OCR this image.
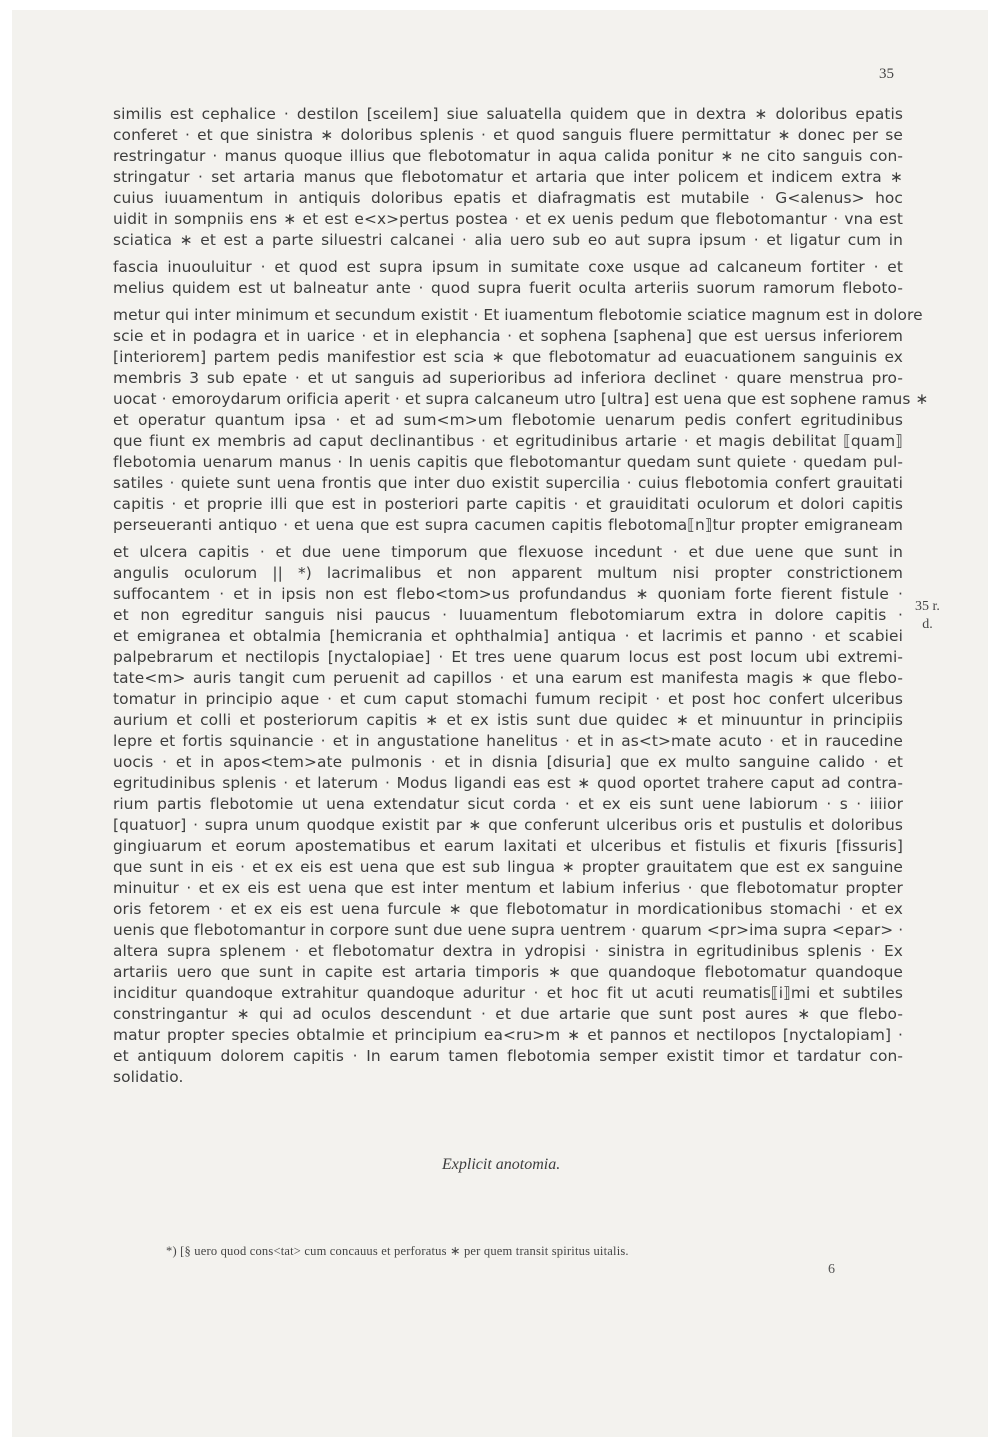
35
similis est cephalice · destilon [sceilem] siue saluatella quidem que in dextra ∗ doloribus epatis
conferet · et que sinistra ∗ doloribus splenis · et quod sanguis fluere permittatur ∗ donec per se
restringatur · manus quoque illius que flebotomatur in aqua calida ponitur ∗ ne cito sanguis con-
stringatur · set artaria manus que flebotomatur et artaria que inter policem et indicem extra ∗
cuius iuuamentum in antiquis doloribus epatis et diafragmatis est mutabile · G<alenus> hoc
uidit in sompniis ens ∗ et est e<x>pertus postea · et ex uenis pedum que flebotomantur · vna est
sciatica ∗ et est a parte siluestri calcanei · alia uero sub eo aut supra ipsum · et ligatur cum in
fascia inuouluitur · et quod est supra ipsum in sumitate coxe usque ad calcaneum fortiter · et
melius quidem est ut balneatur ante · quod supra fuerit oculta arteriis suorum ramorum fleboto-
metur qui inter minimum et secundum existit · Et iuamentum flebotomie sciatice magnum est in dolore
scie et in podagra et in uarice · et in elephancia · et sophena [saphena] que est uersus inferiorem
[interiorem] partem pedis manifestior est scia ∗ que flebotomatur ad euacuationem sanguinis ex
membris 3 sub epate · et ut sanguis ad superioribus ad inferiora declinet · quare menstrua pro-
uocat · emoroydarum orificia aperit · et supra calcaneum utro [ultra] est uena que est sophene ramus ∗
et operatur quantum ipsa · et ad sum<m>um flebotomie uenarum pedis confert egritudinibus
que fiunt ex membris ad caput declinantibus · et egritudinibus artarie · et magis debilitat ⟦quam⟧
flebotomia uenarum manus · In uenis capitis que flebotomantur quedam sunt quiete · quedam pul-
satiles · quiete sunt uena frontis que inter duo existit supercilia · cuius flebotomia confert grauitati
capitis · et proprie illi que est in posteriori parte capitis · et grauiditati oculorum et dolori capitis
perseueranti antiquo · et uena que est supra cacumen capitis flebotoma⟦n⟧tur propter emigraneam
et ulcera capitis · et due uene timporum que flexuose incedunt · et due uene que sunt in
angulis oculorum || *) lacrimalibus et non apparent multum nisi propter constrictionem
suffocantem · et in ipsis non est flebo<tom>us profundandus ∗ quoniam forte fierent fistule ·
et non egreditur sanguis nisi paucus · Iuuamentum flebotomiarum extra in dolore capitis ·
et emigranea et obtalmia [hemicrania et ophthalmia] antiqua · et lacrimis et panno · et scabiei
palpebrarum et nectilopis [nyctalopiae] · Et tres uene quarum locus est post locum ubi extremi-
tate<m> auris tangit cum peruenit ad capillos · et una earum est manifesta magis ∗ que flebo-
tomatur in principio aque · et cum caput stomachi fumum recipit · et post hoc confert ulceribus
aurium et colli et posteriorum capitis ∗ et ex istis sunt due quidec ∗ et minuuntur in principiis
lepre et fortis squinancie · et in angustatione hanelitus · et in as<t>mate acuto · et in raucedine
uocis · et in apos<tem>ate pulmonis · et in disnia [disuria] que ex multo sanguine calido · et
egritudinibus splenis · et laterum · Modus ligandi eas est ∗ quod oportet trahere caput ad contra-
rium partis flebotomie ut uena extendatur sicut corda · et ex eis sunt uene labiorum · s · iiiior
[quatuor] · supra unum quodque existit par ∗ que conferunt ulceribus oris et pustulis et doloribus
gingiuarum et eorum apostematibus et earum laxitati et ulceribus et fistulis et fixuris [fissuris]
que sunt in eis · et ex eis est uena que est sub lingua ∗ propter grauitatem que est ex sanguine
minuitur · et ex eis est uena que est inter mentum et labium inferius · que flebotomatur propter
oris fetorem · et ex eis est uena furcule ∗ que flebotomatur in mordicationibus stomachi · et ex
uenis que flebotomantur in corpore sunt due uene supra uentrem · quarum <pr>ima supra <epar> ·
altera supra splenem · et flebotomatur dextra in ydropisi · sinistra in egritudinibus splenis · Ex
artariis uero que sunt in capite est artaria timporis ∗ que quandoque flebotomatur quandoque
inciditur quandoque extrahitur quandoque aduritur · et hoc fit ut acuti reumatis⟦i⟧mi et subtiles
constringantur ∗ qui ad oculos descendunt · et due artarie que sunt post aures ∗ que flebo-
matur propter species obtalmie et principium ea<ru>m ∗ et pannos et nectilopos [nyctalopiam] ·
et antiquum dolorem capitis · In earum tamen flebotomia semper existit timor et tardatur con-
solidatio.
35 r.
d.
Explicit anotomia.
*) [§ uero quod cons<tat> cum concauus et perforatus ∗ per quem transit spiritus uitalis.
6
